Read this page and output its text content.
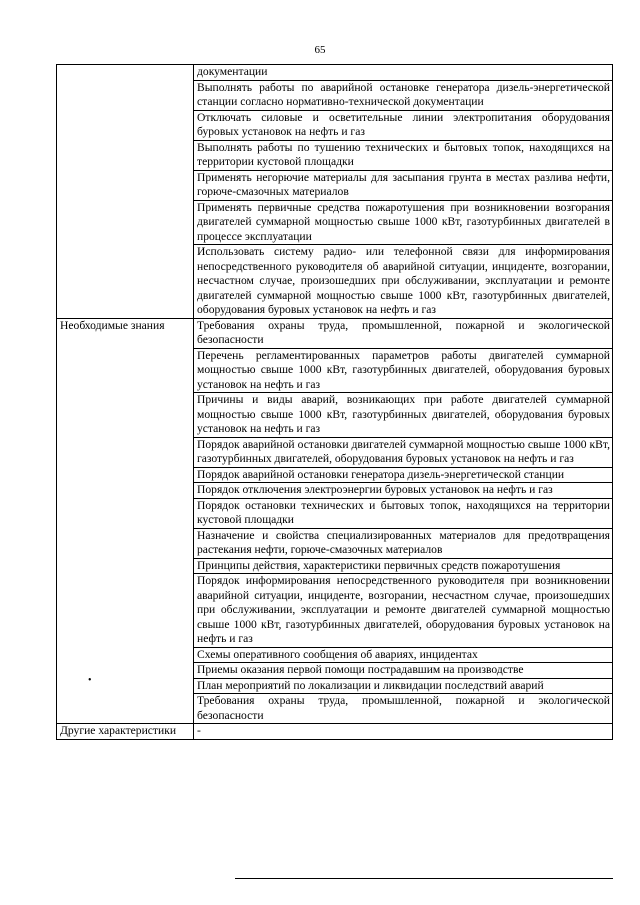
65
	документации
	Выполнять работы по аварийной остановке генератора дизель-энергетической станции согласно нормативно-технической документации
	Отключать силовые и осветительные линии электропитания оборудования буровых установок на нефть и газ
	Выполнять работы по тушению технических и бытовых топок, находящихся на территории кустовой площадки
	Применять негорючие материалы для засыпания грунта в местах разлива нефти, горюче-смазочных материалов
	Применять первичные средства пожаротушения при возникновении возгорания двигателей суммарной мощностью свыше 1000 кВт, газотурбинных двигателей в процессе эксплуатации
	Использовать систему радио- или телефонной связи для информирования непосредственного руководителя об аварийной ситуации, инциденте, возгорании, несчастном случае, произошедших при обслуживании, эксплуатации и ремонте двигателей суммарной мощностью свыше 1000 кВт, газотурбинных двигателей, оборудования буровых установок на нефть и газ
Необходимые знания	Требования охраны труда, промышленной, пожарной и экологической безопасности
	Перечень регламентированных параметров работы двигателей суммарной мощностью свыше 1000 кВт, газотурбинных двигателей, оборудования буровых установок на нефть и газ
	Причины и виды аварий, возникающих при работе двигателей суммарной мощностью свыше 1000 кВт, газотурбинных двигателей, оборудования буровых установок на нефть и газ
	Порядок аварийной остановки двигателей суммарной мощностью свыше 1000 кВт, газотурбинных двигателей, оборудования буровых установок на нефть и газ
	Порядок аварийной остановки генератора дизель-энергетической станции
	Порядок отключения электроэнергии буровых установок на нефть и газ
	Порядок остановки технических и бытовых топок, находящихся на территории кустовой площадки
	Назначение и свойства специализированных материалов для предотвращения растекания нефти, горюче-смазочных материалов
	Принципы действия, характеристики первичных средств пожаротушения
	Порядок информирования непосредственного руководителя при возникновении аварийной ситуации, инциденте, возгорании, несчастном случае, произошедших при обслуживании, эксплуатации и ремонте двигателей суммарной мощностью свыше 1000 кВт, газотурбинных двигателей, оборудования буровых установок на нефть и газ
	Схемы оперативного сообщения об авариях, инцидентах
	Приемы оказания первой помощи пострадавшим на производстве
	План мероприятий по локализации и ликвидации последствий аварий
	Требования охраны труда, промышленной, пожарной и экологической безопасности
Другие характеристики	-
•
